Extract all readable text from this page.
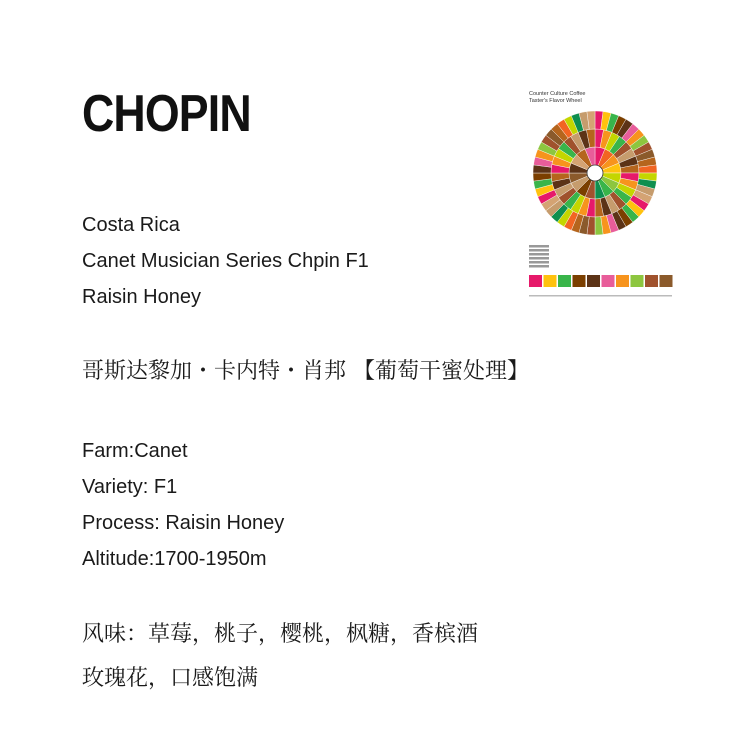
CHOPIN
Costa Rica
Canet Musician Series Chpin F1
Raisin Honey
哥斯达黎加・卡内特・肖邦 【葡萄干蜜处理】
Farm:Canet
Variety: F1
Process: Raisin Honey
Altitude:1700-1950m
风味：草莓，桃子，樱桃，枫糖，香槟酒
玫瑰花，口感饱满
Counter Culture Coffee
Taster's Flavor Wheel
